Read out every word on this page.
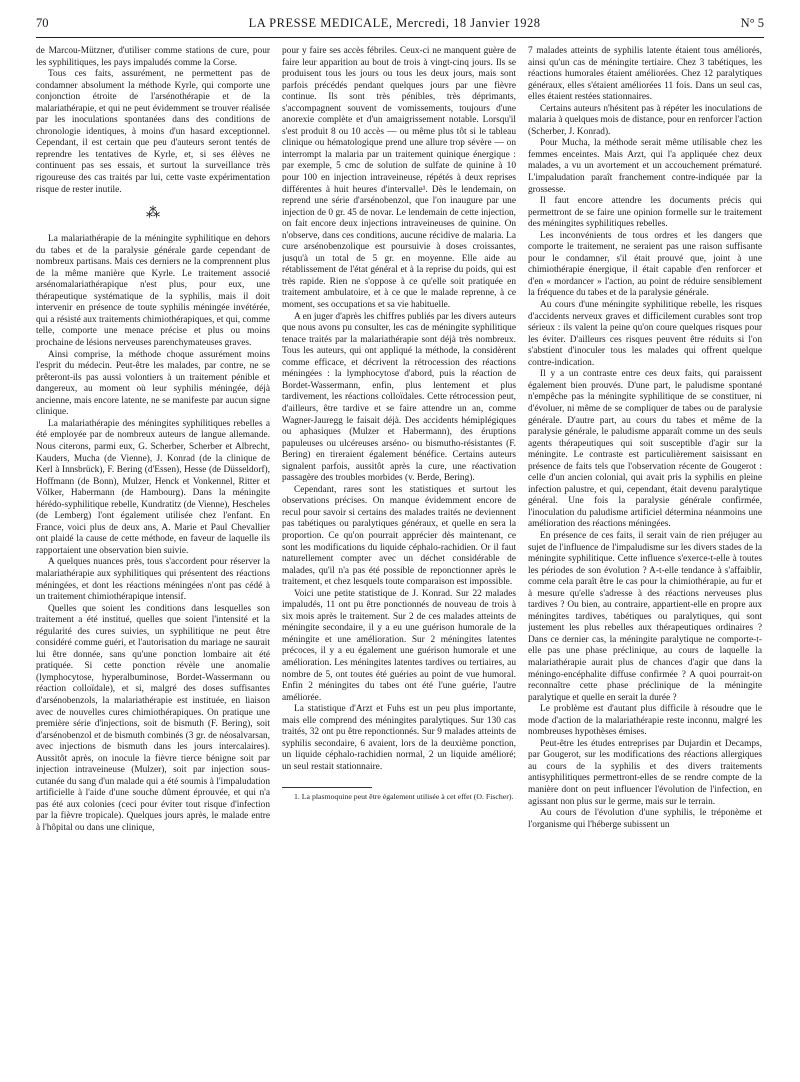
70	LA PRESSE MEDICALE, Mercredi, 18 Janvier 1928	N° 5

de Marcou-Mützner, d'utiliser comme stations de cure, pour les syphilitiques, les pays impaludés comme la Corse.

Tous ces faits, assurément, ne permettent pas de condamner absolument la méthode Kyrle, qui comporte une conjonction étroite de l'arsénothérapie et de la malariathérapie, et qui ne peut évidemment se trouver réalisée par les inoculations spontanées dans des conditions de chronologie identiques, à moins d'un hasard exceptionnel. Cependant, il est certain que peu d'auteurs seront tentés de reprendre les tentatives de Kyrle, et, si ses élèves ne continuent pas ses essais, et surtout la surveillance très rigoureuse des cas traités par lui, cette vaste expérimentation risque de rester inutile.

⁂

La malariathérapie de la méningite syphilitique en dehors du tabes et de la paralysie générale garde cependant de nombreux partisans. Mais ces derniers ne la comprennent plus de la même manière que Kyrle. Le traitement associé arsénomalariathérapique n'est plus, pour eux, une thérapeutique systématique de la syphilis, mais il doit intervenir en présence de toute syphilis méningée invétérée, qui a résisté aux traitements chimiothérapiques, et qui, comme telle, comporte une menace précise et plus ou moins prochaine de lésions nerveuses parenchymateuses graves.

Ainsi comprise, la méthode choque assurément moins l'esprit du médecin. Peut-être les malades, par contre, ne se prêteront-ils pas aussi volontiers à un traitement pénible et dangereux, au moment où leur syphilis méningée, déjà ancienne, mais encore latente, ne se manifeste par aucun signe clinique.

La malariathérapie des méningites syphilitiques rebelles a été employée par de nombreux auteurs de langue allemande. Nous citerons, parmi eux, G. Scherber, Scherber et Albrecht, Kauders, Mucha (de Vienne), J. Konrad (de la clinique de Kerl à Innsbrück), F. Bering (d'Essen), Hesse (de Düsseldorf), Hoffmann (de Bonn), Mulzer, Henck et Vonkennel, Ritter et Völker, Habermann (de Hambourg). Dans la méningite hérédo-syphilitique rebelle, Kundratitz (de Vienne), Hescheles (de Lemberg) l'ont également utilisée chez l'enfant. En France, voici plus de deux ans, A. Marie et Paul Chevallier ont plaidé la cause de cette méthode, en faveur de laquelle ils rapportaient une observation bien suivie.

A quelques nuances près, tous s'accordent pour réserver la malariathérapie aux syphilitiques qui présentent des réactions méningées, et dont les réactions méningées n'ont pas cédé à un traitement chimiothérapique intensif.

Quelles que soient les conditions dans lesquelles son traitement a été institué, quelles que soient l'intensité et la régularité des cures suivies, un syphilitique ne peut être considéré comme guéri, et l'autorisation du mariage ne saurait lui être donnée, sans qu'une ponction lombaire ait été pratiquée. Si cette ponction révèle une anomalie (lymphocytose, hyperalbuminose, Bordet-Wassermann ou réaction colloïdale), et si, malgré des doses suffisantes d'arsénobenzols, la malariathérapie est instituée, en liaison avec de nouvelles cures chimiothérapiques. On pratique une première série d'injections, soit de bismuth (F. Bering), soit d'arsénobenzol et de bismuth combinés (3 gr. de néosalvarsan, avec injections de bismuth dans les jours intercalaires). Aussitôt après, on inocule la fièvre tierce bénigne soit par injection intraveineuse (Mulzer), soit par injection sous-cutanée du sang d'un malade qui a été soumis à l'impaludation artificielle à l'aide d'une souche dûment éprouvée, et qui n'a pas été aux colonies (ceci pour éviter tout risque d'infection par la fièvre tropicale). Quelques jours après, le malade entre à l'hôpital ou dans une clinique,

pour y faire ses accès fébriles. Ceux-ci ne manquent guère de faire leur apparition au bout de trois à vingt-cinq jours. Ils se produisent tous les jours ou tous les deux jours, mais sont parfois précédés pendant quelques jours par une fièvre continue. Ils sont très pénibles, très déprimants, s'accompagnent souvent de vomissements, toujours d'une anorexie complète et d'un amaigrissement notable. Lorsqu'il s'est produit 8 ou 10 accès — ou même plus tôt si le tableau clinique ou hématologique prend une allure trop sévère — on interrompt la malaria par un traitement quinique énergique : par exemple, 5 cmc de solution de sulfate de quinine à 10 pour 100 en injection intraveineuse, répétés à deux reprises différentes à huit heures d'intervalle¹. Dès le lendemain, on reprend une série d'arsénobenzol, que l'on inaugure par une injection de 0 gr. 45 de novar. Le lendemain de cette injection, on fait encore deux injections intraveineuses de quinine. On n'observe, dans ces conditions, aucune récidive de malaria. La cure arsénobenzolique est poursuivie à doses croissantes, jusqu'à un total de 5 gr. en moyenne. Elle aide au rétablissement de l'état général et à la reprise du poids, qui est très rapide. Rien ne s'oppose à ce qu'elle soit pratiquée en traitement ambulatoire, et à ce que le malade reprenne, à ce moment, ses occupations et sa vie habituelle.

A en juger d'après les chiffres publiés par les divers auteurs que nous avons pu consulter, les cas de méningite syphilitique tenace traités par la malariathérapie sont déjà très nombreux. Tous les auteurs, qui ont appliqué la méthode, la considèrent comme efficace, et décrivent la rétrocession des réactions méningées : la lymphocytose d'abord, puis la réaction de Bordet-Wassermann, enfin, plus lentement et plus tardivement, les réactions colloïdales. Cette rétrocession peut, d'ailleurs, être tardive et se faire attendre un an, comme Wagner-Jauregg le faisait déjà. Des accidents hémiplégiques ou aphasiques (Mulzer et Habermann), des éruptions papuleuses ou ulcéreuses arséno- ou bismutho-résistantes (F. Bering) en tireraient également bénéfice. Certains auteurs signalent parfois, aussitôt après la cure, une réactivation passagère des troubles morbides (v. Berde, Bering).

Cependant, rares sont les statistiques et surtout les observations précises. On manque évidemment encore de recul pour savoir si certains des malades traités ne deviennent pas tabétiques ou paralytiques généraux, et quelle en sera la proportion. Ce qu'on pourrait apprécier dès maintenant, ce sont les modifications du liquide céphalo-rachidien. Or il faut naturellement compter avec un déchet considérable de malades, qu'il n'a pas été possible de reponctionner après le traitement, et chez lesquels toute comparaison est impossible.

Voici une petite statistique de J. Konrad. Sur 22 malades impaludés, 11 ont pu être ponctionnés de nouveau de trois à six mois après le traitement. Sur 2 de ces malades atteints de méningite secondaire, il y a eu une guérison humorale de la méningite et une amélioration. Sur 2 méningites latentes précoces, il y a eu également une guérison humorale et une amélioration. Les méningites latentes tardives ou tertiaires, au nombre de 5, ont toutes été guéries au point de vue humoral. Enfin 2 méningites du tabes ont été l'une guérie, l'autre améliorée.

La statistique d'Arzt et Fuhs est un peu plus importante, mais elle comprend des méningites paralytiques. Sur 130 cas traités, 32 ont pu être reponctionnés. Sur 9 malades atteints de syphilis secondaire, 6 avaient, lors de la deuxième ponction, un liquide céphalo-rachidien normal, 2 un liquide amélioré; un seul restait stationnaire.

1. La plasmoquine peut être également utilisée à cet effet (O. Fischer).

7 malades atteints de syphilis latente étaient tous améliorés, ainsi qu'un cas de méningite tertiaire. Chez 3 tabétiques, les réactions humorales étaient améliorées. Chez 12 paralytiques généraux, elles s'étaient améliorées 11 fois. Dans un seul cas, elles étaient restées stationnaires.

Certains auteurs n'hésitent pas à répéter les inoculations de malaria à quelques mois de distance, pour en renforcer l'action (Scherber, J. Konrad).

Pour Mucha, la méthode serait même utilisable chez les femmes enceintes. Mais Arzt, qui l'a appliquée chez deux malades, a vu un avortement et un accouchement prématuré. L'impaludation paraît franchement contre-indiquée par la grossesse.

Il faut encore attendre les documents précis qui permettront de se faire une opinion formelle sur le traitement des méningites syphilitiques rebelles.

Les inconvénients de tous ordres et les dangers que comporte le traitement, ne seraient pas une raison suffisante pour le condamner, s'il était prouvé que, joint à une chimiothérapie énergique, il était capable d'en renforcer et d'en « mordancer » l'action, au point de réduire sensiblement la fréquence du tabes et de la paralysie générale.

Au cours d'une méningite syphilitique rebelle, les risques d'accidents nerveux graves et difficilement curables sont trop sérieux : ils valent la peine qu'on coure quelques risques pour les éviter. D'ailleurs ces risques peuvent être réduits si l'on s'abstient d'inoculer tous les malades qui offrent quelque contre-indication.

Il y a un contraste entre ces deux faits, qui paraissent également bien prouvés. D'une part, le paludisme spontané n'empêche pas la méningite syphilitique de se constituer, ni d'évoluer, ni même de se compliquer de tabes ou de paralysie générale. D'autre part, au cours du tabes et même de la paralysie générale, le paludisme apparaît comme un des seuls agents thérapeutiques qui soit susceptible d'agir sur la méningite. Le contraste est particulièrement saisissant en présence de faits tels que l'observation récente de Gougerot : celle d'un ancien colonial, qui avait pris la syphilis en pleine infection palustre, et qui, cependant, était devenu paralytique général. Une fois la paralysie générale confirmée, l'inoculation du paludisme artificiel détermina néanmoins une amélioration des réactions méningées.

En présence de ces faits, il serait vain de rien préjuger au sujet de l'influence de l'impaludisme sur les divers stades de la méningite syphilitique. Cette influence s'exerce-t-elle à toutes les périodes de son évolution ? A-t-elle tendance à s'affaiblir, comme cela paraît être le cas pour la chimiothérapie, au fur et à mesure qu'elle s'adresse à des réactions nerveuses plus tardives ? Ou bien, au contraire, appartient-elle en propre aux méningites tardives, tabétiques ou paralytiques, qui sont justement les plus rebelles aux thérapeutiques ordinaires ? Dans ce dernier cas, la méningite paralytique ne comporte-t-elle pas une phase préclinique, au cours de laquelle la malariathérapie aurait plus de chances d'agir que dans la méningo-encéphalite diffuse confirmée ? A quoi pourrait-on reconnaître cette phase préclinique de la méningite paralytique et quelle en serait la durée ?

Le problème est d'autant plus difficile à résoudre que le mode d'action de la malariathérapie reste inconnu, malgré les nombreuses hypothèses émises.

Peut-être les études entreprises par Dujardin et Decamps, par Gougerot, sur les modifications des réactions allergiques au cours de la syphilis et des divers traitements antisyphilitiques permettront-elles de se rendre compte de la manière dont on peut influencer l'évolution de l'infection, en agissant non plus sur le germe, mais sur le terrain.

Au cours de l'évolution d'une syphilis, le tréponème et l'organisme qui l'héberge subissent un
